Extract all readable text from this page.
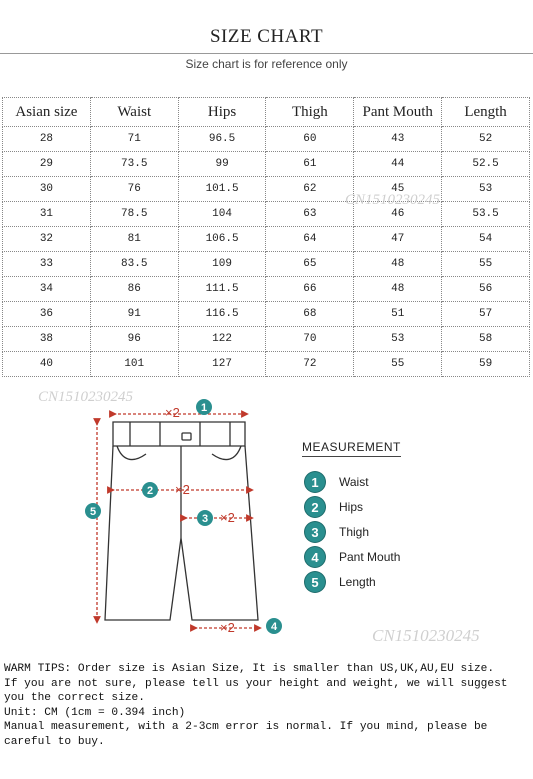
SIZE CHART
Size chart is for reference only
Asian size	Waist	Hips	Thigh	Pant Mouth	Length
28	71	96.5	60	43	52
29	73.5	99	61	44	52.5
30	76	101.5	62	45	53
31	78.5	104	63	46	53.5
32	81	106.5	64	47	54
33	83.5	109	65	48	55
34	86	111.5	66	48	56
36	91	116.5	68	51	57
38	96	122	70	53	58
40	101	127	72	55	59
CN1510230245
CN1510230245
CN1510230245
×2
×2
×2
×2
1
2
3
4
5
MEASUREMENT
1	Waist
2	Hips
3	Thigh
4	Pant Mouth
5	Length
WARM TIPS: Order size is Asian Size, It is smaller than US,UK,AU,EU size.
If you are not sure, please tell us your height and weight, we will suggest you the correct size.
Unit: CM (1cm = 0.394 inch)
Manual measurement, with a 2-3cm error is normal. If you mind, please be careful to buy.
